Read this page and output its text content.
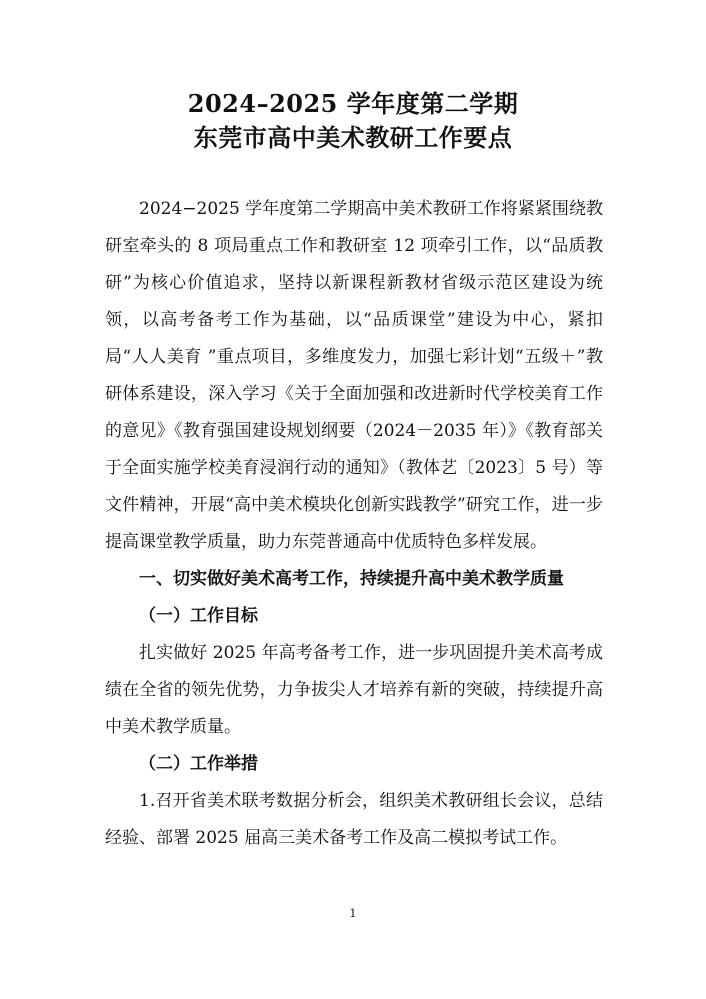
2024–2025 学年度第二学期
东莞市高中美术教研工作要点

2024−2025 学年度第二学期高中美术教研工作将紧紧围绕教研室牵头的 8 项局重点工作和教研室 12 项牵引工作，以“品质教研”为核心价值追求，坚持以新课程新教材省级示范区建设为统领，以高考备考工作为基础，以“品质课堂”建设为中心，紧扣局“人人美育 ”重点项目，多维度发力，加强七彩计划“五级＋”教研体系建设，深入学习《关于全面加强和改进新时代学校美育工作的意见》《教育强国建设规划纲要（2024－2035 年）》《教育部关于全面实施学校美育浸润行动的通知》（教体艺〔2023〕5 号）等文件精神，开展“高中美术模块化创新实践教学”研究工作，进一步提高课堂教学质量，助力东莞普通高中优质特色多样发展。

一、切实做好美术高考工作，持续提升高中美术教学质量

（一）工作目标

扎实做好 2025 年高考备考工作，进一步巩固提升美术高考成绩在全省的领先优势，力争拔尖人才培养有新的突破，持续提升高中美术教学质量。

（二）工作举措

1.召开省美术联考数据分析会，组织美术教研组长会议，总结经验、部署 2025 届高三美术备考工作及高二模拟考试工作。

1
